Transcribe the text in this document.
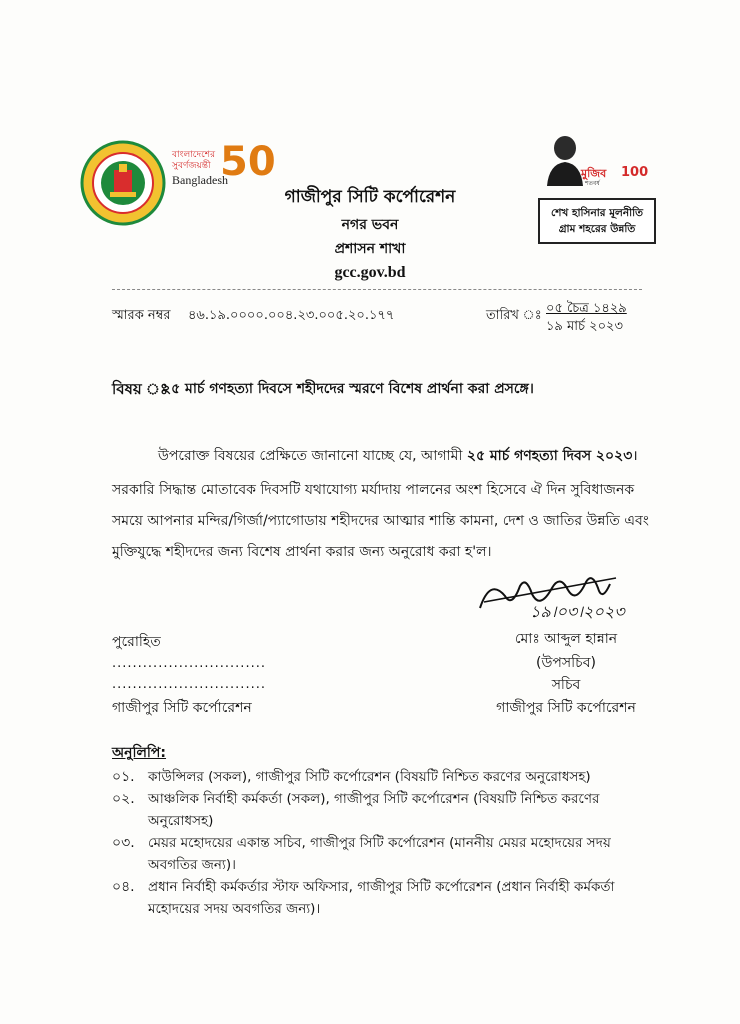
বাংলাদেশের
সুবর্ণজয়ন্তী
Bangladesh
50	মুজিব
শতবর্ষ
100
শেখ হাসিনার মূলনীতি
গ্রাম শহরের উন্নতি
গাজীপুর সিটি কর্পোরেশন
নগর ভবন
প্রশাসন শাখা
gcc.gov.bd
স্মারক নম্বর ৪৬.১৯.০০০০.০০৪.২৩.০০৫.২০.১৭৭	তারিখ ঃ ০৫ চৈত্র ১৪২৯
১৯ মার্চ ২০২৩
বিষয় ঃ
২৫ মার্চ গণহত্যা দিবসে শহীদদের স্মরণে বিশেষ প্রার্থনা করা প্রসঙ্গে।
উপরোক্ত বিষয়ের প্রেক্ষিতে জানানো যাচ্ছে যে, আগামী ২৫ মার্চ গণহত্যা দিবস ২০২৩।
সরকারি সিদ্ধান্ত মোতাবেক দিবসটি যথাযোগ্য মর্যাদায় পালনের অংশ হিসেবে ঐ দিন সুবিধাজনক
সময়ে আপনার মন্দির/গির্জা/প্যাগোডায় শহীদদের আত্মার শান্তি কামনা, দেশ ও জাতির উন্নতি এবং
মুক্তিযুদ্ধে শহীদদের জন্য বিশেষ প্রার্থনা করার জন্য অনুরোধ করা হ'ল।
১৯।০৩।২০২৩
পুরোহিত
..............................
..............................
গাজীপুর সিটি কর্পোরেশন
মোঃ আব্দুল হান্নান
(উপসচিব)
সচিব
গাজীপুর সিটি কর্পোরেশন
অনুলিপি:
০১. কাউন্সিলর (সকল), গাজীপুর সিটি কর্পোরেশন (বিষয়টি নিশ্চিত করণের অনুরোধসহ)
০২. আঞ্চলিক নির্বাহী কর্মকর্তা (সকল), গাজীপুর সিটি কর্পোরেশন (বিষয়টি নিশ্চিত করণের
অনুরোধসহ)
০৩. মেয়র মহোদয়ের একান্ত সচিব, গাজীপুর সিটি কর্পোরেশন (মাননীয় মেয়র মহোদয়ের সদয়
অবগতির জন্য)।
০৪. প্রধান নির্বাহী কর্মকর্তার স্টাফ অফিসার, গাজীপুর সিটি কর্পোরেশন (প্রধান নির্বাহী কর্মকর্তা
মহোদয়ের সদয় অবগতির জন্য)।
